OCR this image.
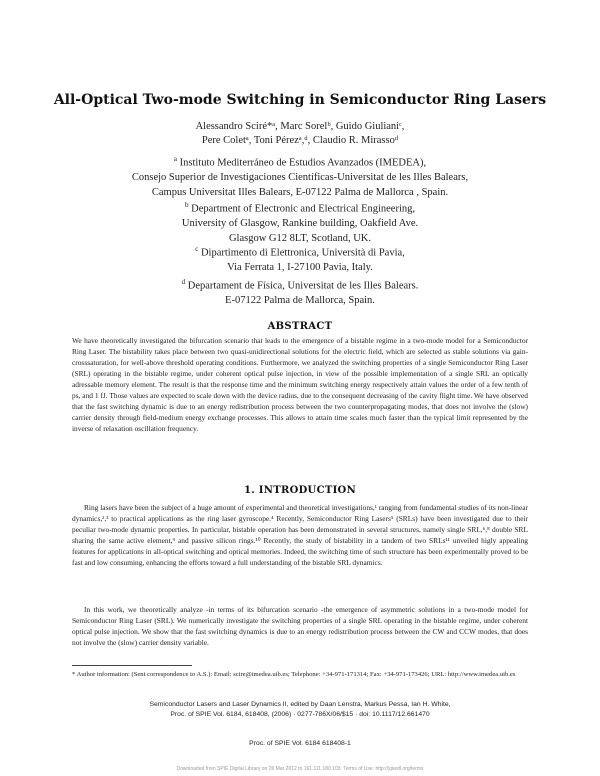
All-Optical Two-mode Switching in Semiconductor Ring Lasers
Alessandro Sciré*ᵃ, Marc Sorelᵇ, Guido Giulianiᶜ,
Pere Coletᵃ, Toni Pérezᵃ,ᵈ, Claudio R. Mirassoᵈ
$^a$ Instituto Mediterráneo de Estudios Avanzados (IMEDEA),
Consejo Superior de Investigaciones Científicas-Universitat de les Illes Balears,
Campus Universitat Illes Balears, E-07122 Palma de Mallorca , Spain.
$^b$ Department of Electronic and Electrical Engineering,
University of Glasgow, Rankine building, Oakfield Ave.
Glasgow G12 8LT, Scotland, UK.
$^c$ Dipartimento di Elettronica, Università di Pavia,
Via Ferrata 1, I-27100 Pavia, Italy.
$^d$ Departament de Física, Universitat de les Illes Balears.
E-07122 Palma de Mallorca, Spain.
ABSTRACT
We have theoretically investigated the bifurcation scenario that leads to the emergence of a bistable regime in a two-mode model for a Semiconductor Ring Laser. The bistability takes place between two quasi-unidirectional solutions for the electric field, which are selected as stable solutions via gain-crosssaturation, for well-above threshold operating conditions. Furthermore, we analyzed the switching properties of a single Semiconductor Ring Laser (SRL) operating in the bistable regime, under coherent optical pulse injection, in view of the possible implementation of a single SRL an optically adressable memory element. The result is that the response time and the minimum switching energy respectively attain values the order of a few tenth of ps, and 1 fJ. Those values are expected to scale down with the device radius, due to the consequent decreasing of the cavity flight time. We have observed that the fast switching dynamic is due to an energy redistribution process between the two counterpropagating modes, that does not involve the (slow) carrier density through field-medium energy exchange processes. This allows to attain time scales much faster than the typical limit represented by the inverse of relaxation oscillation frequency.
1. INTRODUCTION
Ring lasers have been the subject of a huge amount of experimental and theoretical investigations,¹ ranging from fundamental studies of its non-linear dynamics,²,³ to practical applications as the ring laser gyroscope.⁴ Recently, Semiconductor Ring Lasers⁵ (SRLs) have been investigated due to their peculiar two-mode dynamic properties. In particular, bistable operation has been demonstrated in several structures, namely single SRL,⁶,⁸ double SRL sharing the same active element,⁹ and passive silicon rings.¹⁰ Recently, the study of bistability in a tandem of two SRLs¹¹ unveiled higly appealing features for applications in all-optical switching and optical memories. Indeed, the switching time of such structure has been experimentally proved to be fast and low consuming, enhancing the efforts toward a full understanding of the bistable SRL dynamics.
In this work, we theoretically analyze -in terms of its bifurcation scenario -the emergence of asymmetric solutions in a two-mode model for Semiconductor Ring Laser (SRL). We numerically investigate the switching properties of a single SRL operating in the bistable regime, under coherent optical pulse injection. We show that the fast switching dynamics is due to an energy redistribution process between the CW and CCW modes, that does not involve the (slow) carrier density variable.
* Author information: (Sent correspondence to A.S.): Email: scire@imedea.uib.es; Telephone: +34-971-171314; Fax: +34-971-173426; URL: http://www.imedea.uib.es
Semiconductor Lasers and Laser Dynamics II, edited by Daan Lenstra, Markus Pessa, Ian H. White,
Proc. of SPIE Vol. 6184, 618408, (2006) · 0277-786X/06/$15 · doi: 10.1117/12.661470
Proc. of SPIE Vol. 6184 618408-1
Downloaded from SPIE Digital Library on 26 Mar 2012 to 161.111.180.103. Terms of Use: http://spiedl.org/terms
